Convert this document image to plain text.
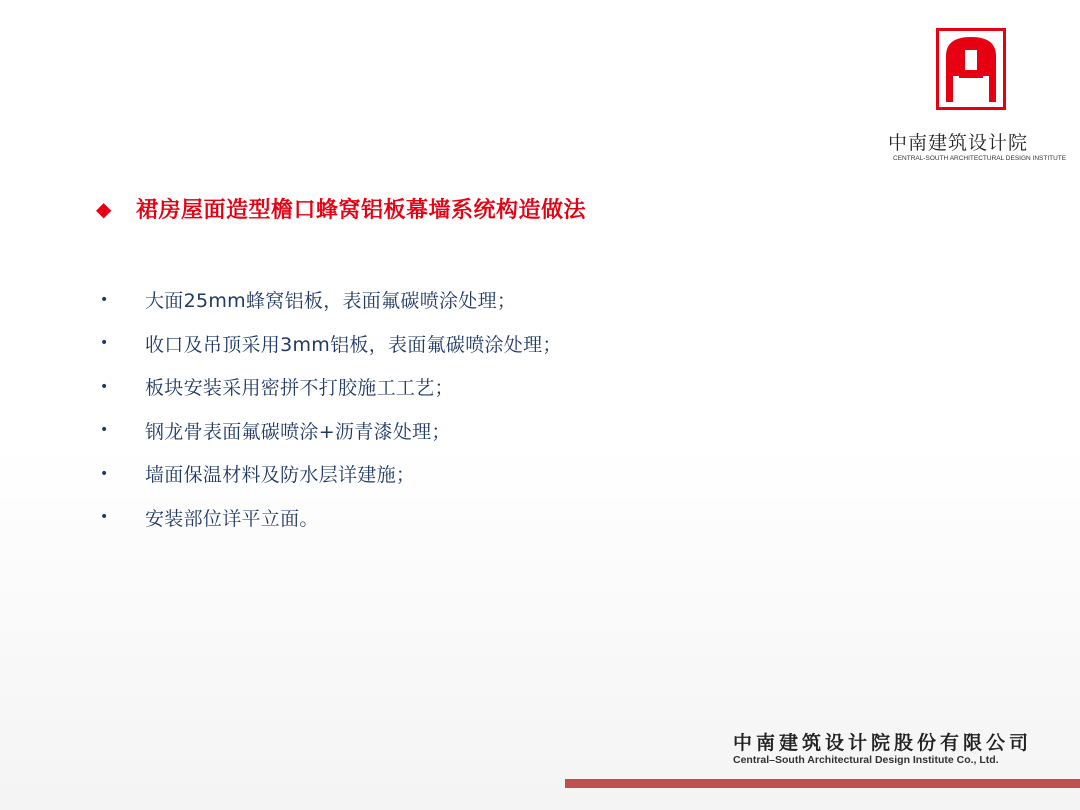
中南建筑设计院
CENTRAL-SOUTH ARCHITECTURAL DESIGN INSTITUTE
◆	裙房屋面造型檐口蜂窝铝板幕墙系统构造做法
•	大面25mm蜂窝铝板，表面氟碳喷涂处理；
•	收口及吊顶采用3mm铝板，表面氟碳喷涂处理；
•	板块安装采用密拼不打胶施工工艺；
•	钢龙骨表面氟碳喷涂+沥青漆处理；
•	墙面保温材料及防水层详建施；
•	安装部位详平立面。
中南建筑设计院股份有限公司
Central–South Architectural Design Institute Co., Ltd.
